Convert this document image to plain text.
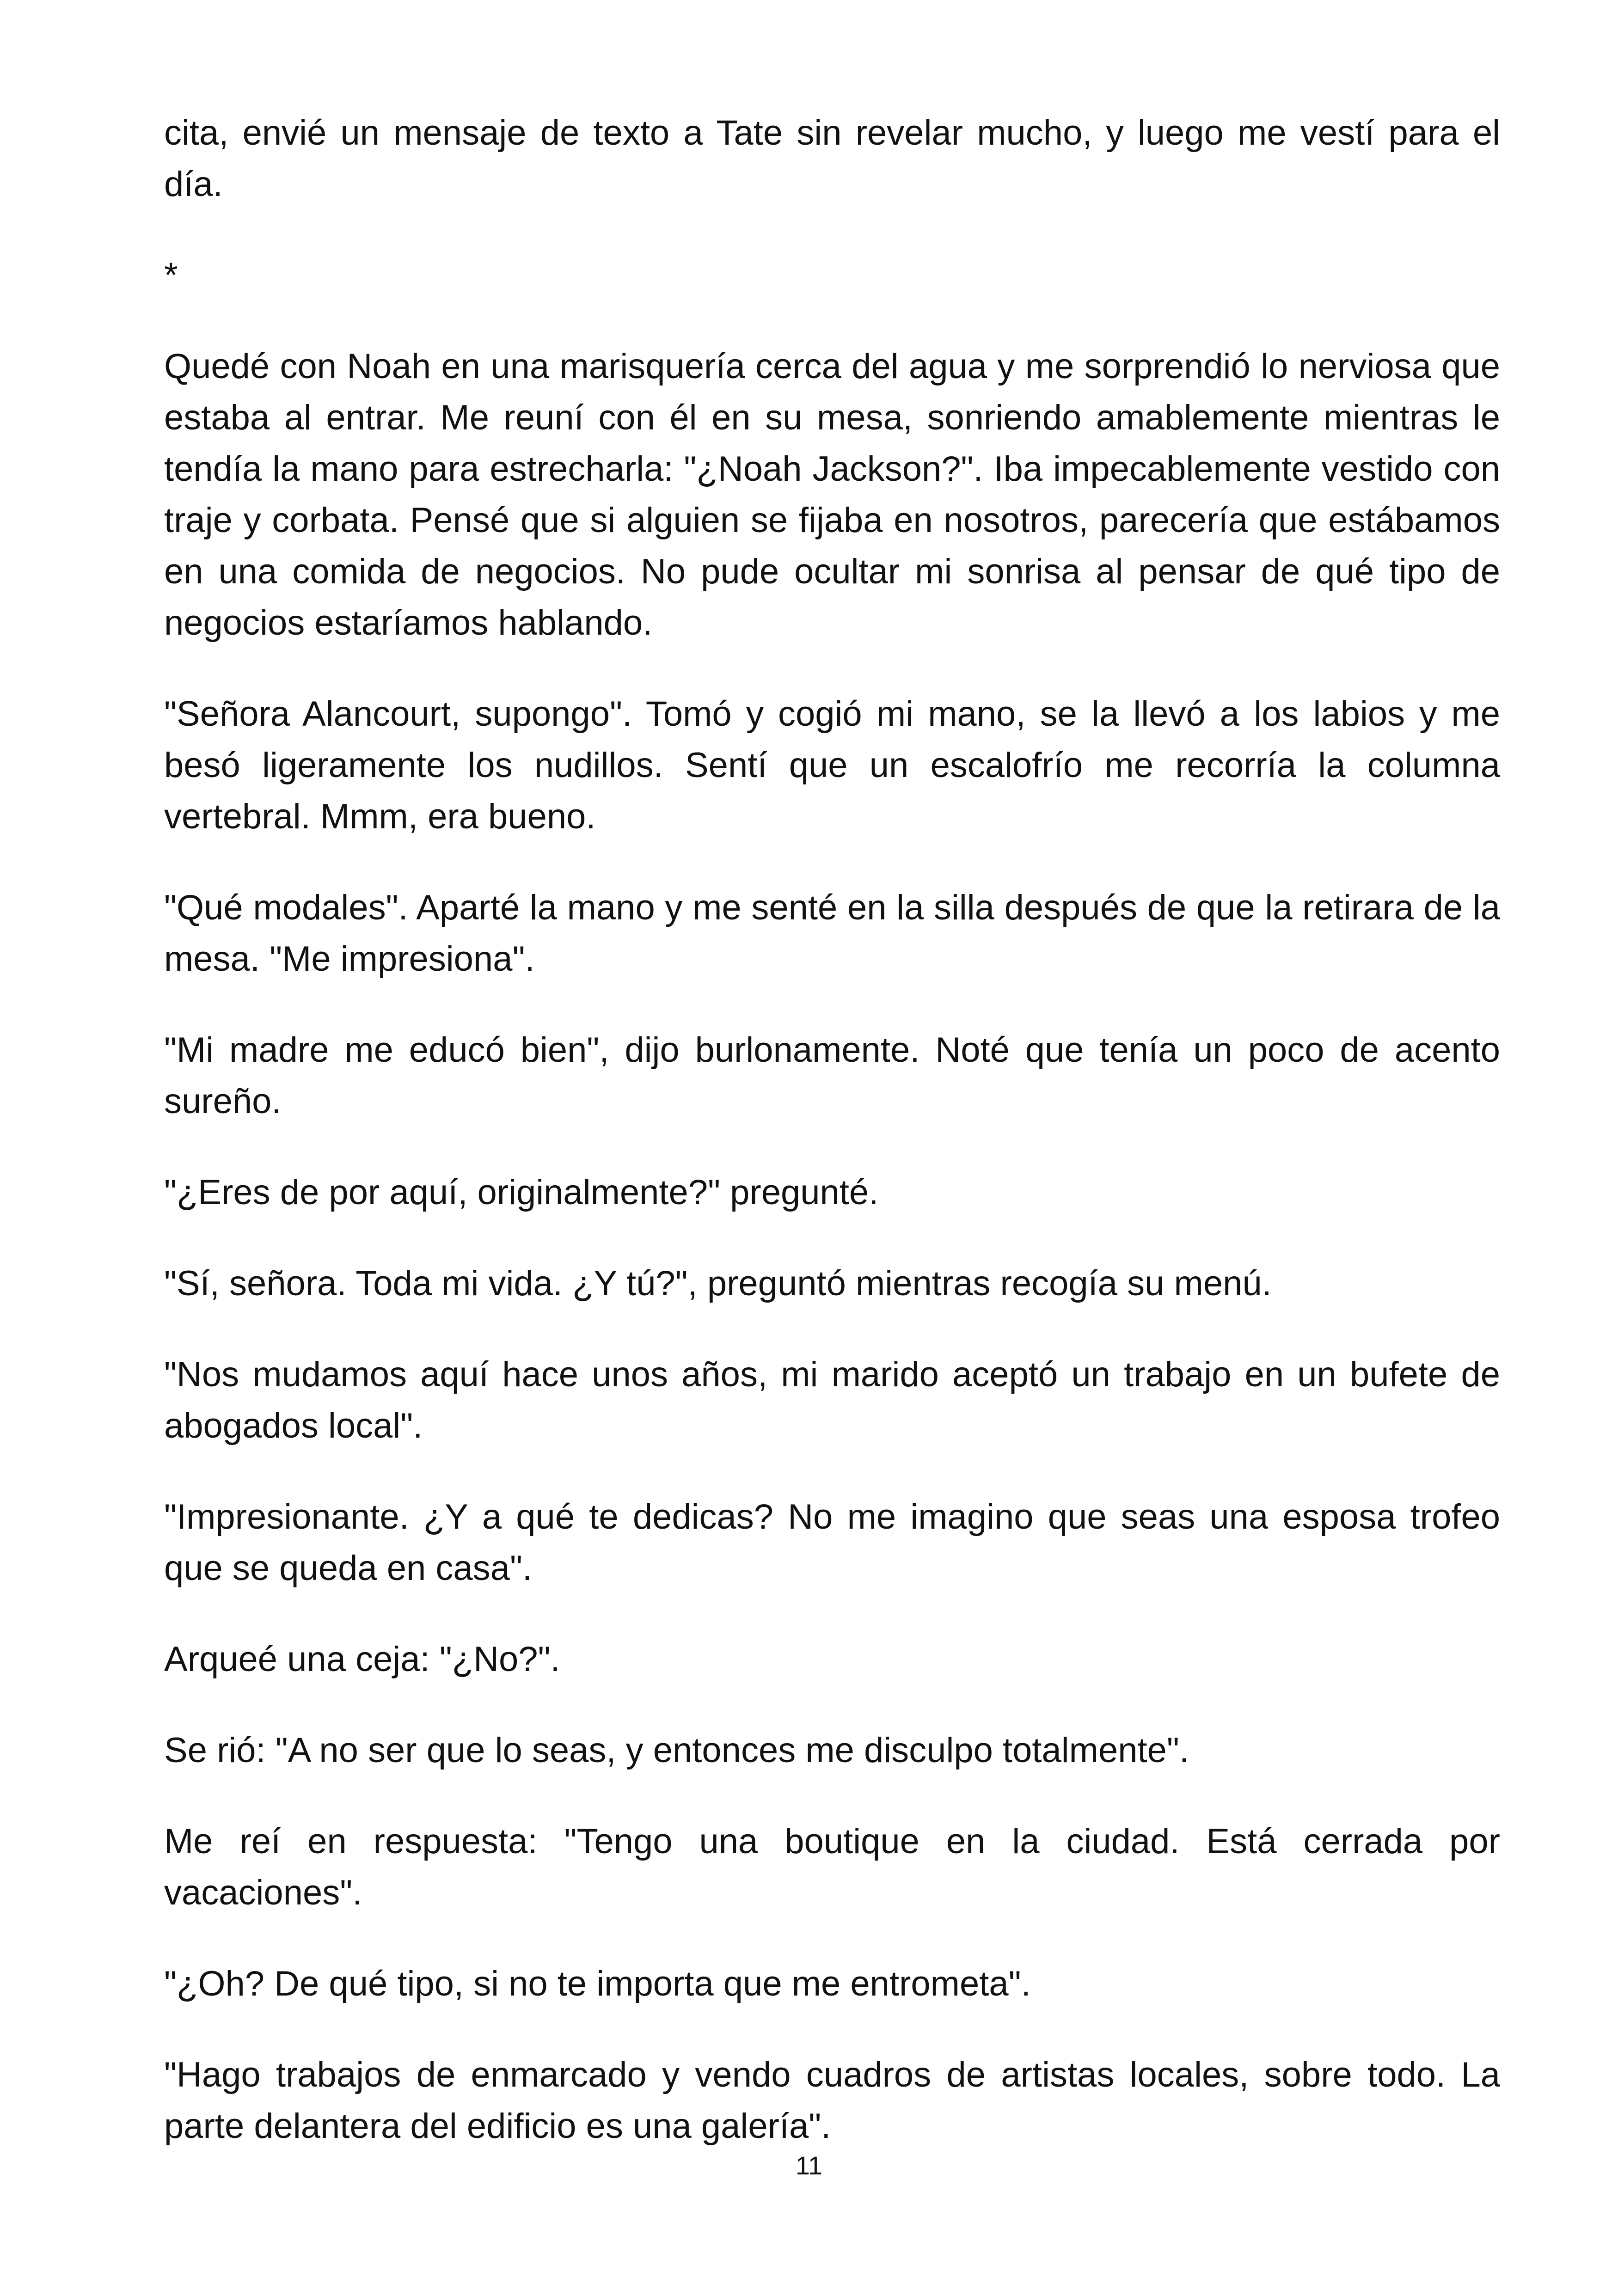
cita, envié un mensaje de texto a Tate sin revelar mucho, y luego me vestí para el día.

*

Quedé con Noah en una marisquería cerca del agua y me sorprendió lo nerviosa que estaba al entrar. Me reuní con él en su mesa, sonriendo amablemente mientras le tendía la mano para estrecharla: "¿Noah Jackson?". Iba impecablemente vestido con traje y corbata. Pensé que si alguien se fijaba en nosotros, parecería que estábamos en una comida de negocios. No pude ocultar mi sonrisa al pensar de qué tipo de negocios estaríamos hablando.

"Señora Alancourt, supongo". Tomó y cogió mi mano, se la llevó a los labios y me besó ligeramente los nudillos. Sentí que un escalofrío me recorría la columna vertebral. Mmm, era bueno.

"Qué modales". Aparté la mano y me senté en la silla después de que la retirara de la mesa. "Me impresiona".

"Mi madre me educó bien", dijo burlonamente. Noté que tenía un poco de acento sureño.

"¿Eres de por aquí, originalmente?" pregunté.

"Sí, señora. Toda mi vida. ¿Y tú?", preguntó mientras recogía su menú.

"Nos mudamos aquí hace unos años, mi marido aceptó un trabajo en un bufete de abogados local".

"Impresionante. ¿Y a qué te dedicas? No me imagino que seas una esposa trofeo que se queda en casa".

Arqueé una ceja: "¿No?".

Se rió: "A no ser que lo seas, y entonces me disculpo totalmente".

Me reí en respuesta: "Tengo una boutique en la ciudad. Está cerrada por vacaciones".

"¿Oh? De qué tipo, si no te importa que me entrometa".

"Hago trabajos de enmarcado y vendo cuadros de artistas locales, sobre todo. La parte delantera del edificio es una galería".

11
